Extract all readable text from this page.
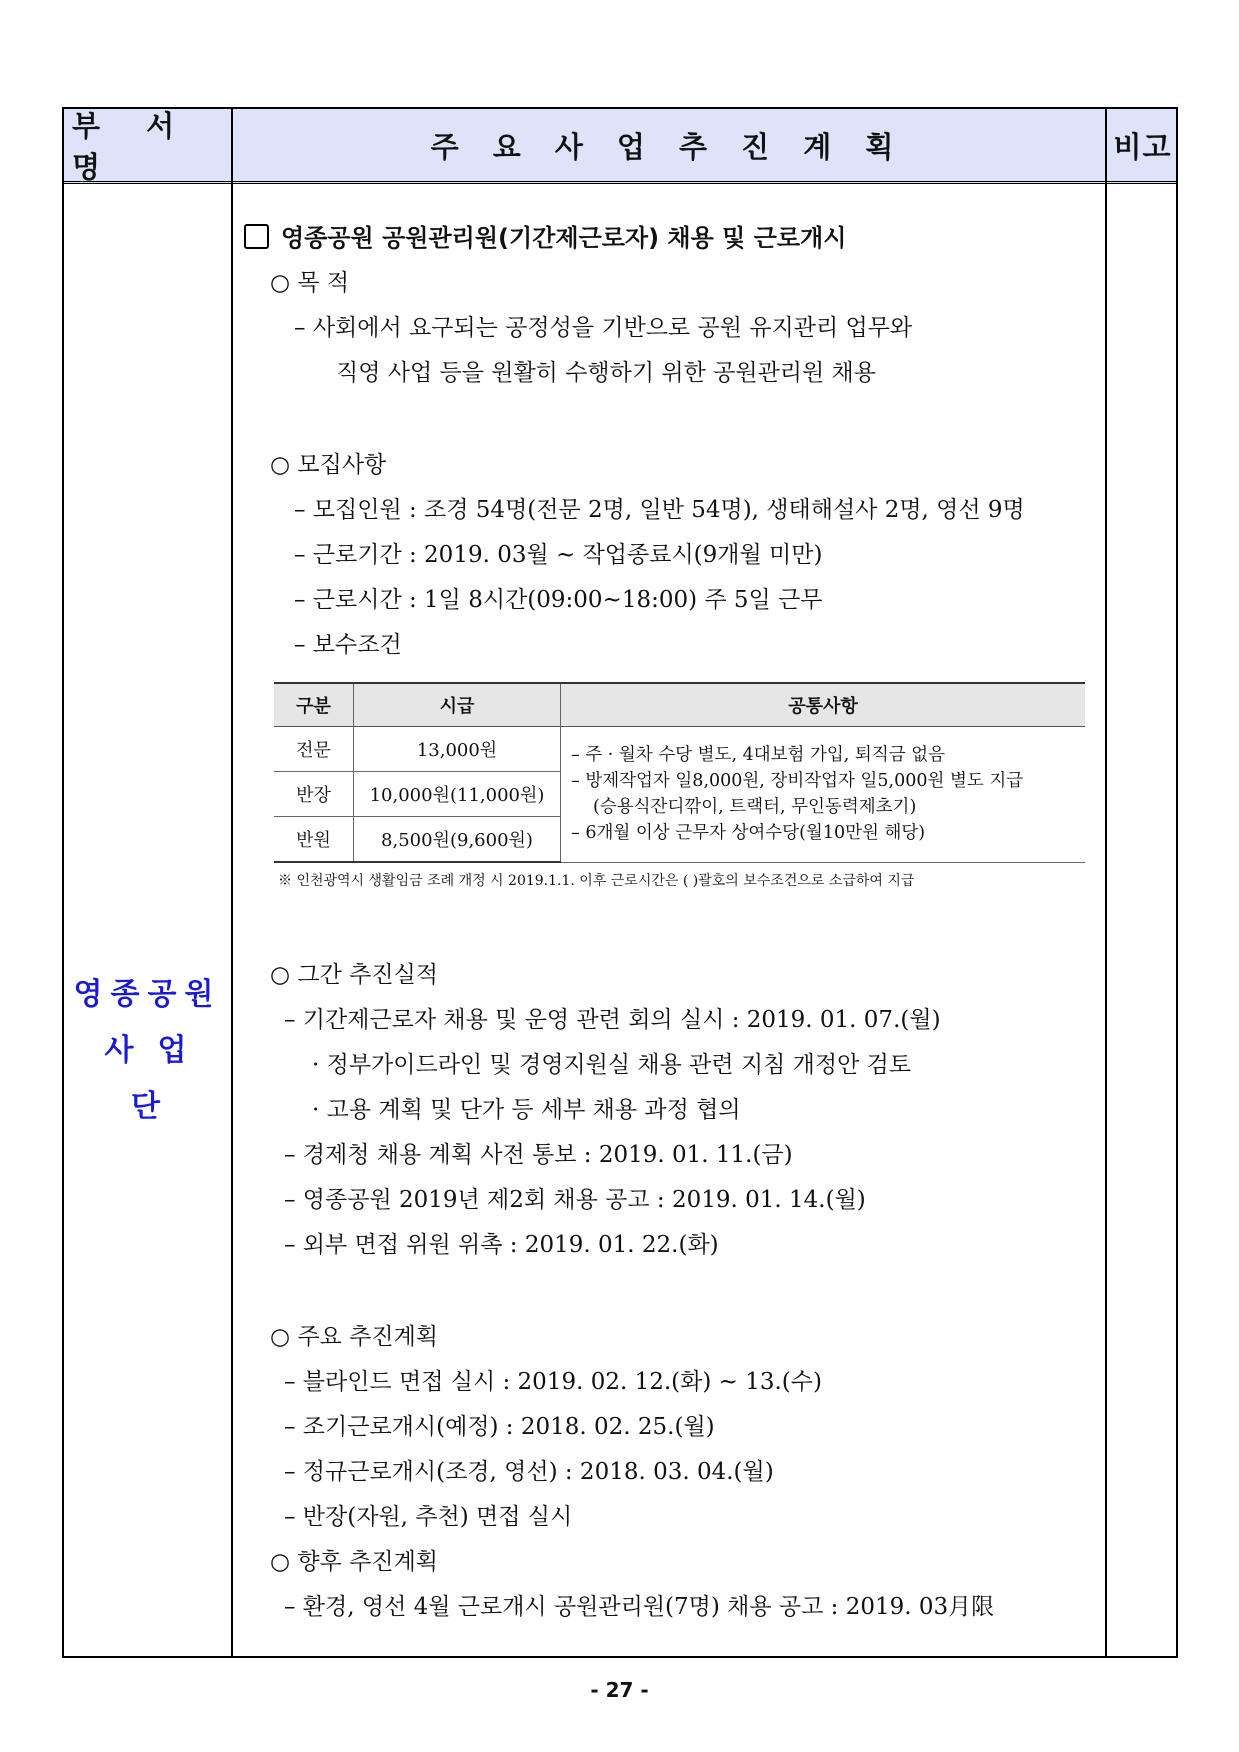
부 서 명
주 요 사 업 추 진 계 획	비고
영종공원
사업단
영종공원 공원관리원(기간제근로자) 채용 및 근로개시
○ 목 적
– 사회에서 요구되는 공정성을 기반으로 공원 유지관리 업무와
직영 사업 등을 원활히 수행하기 위한 공원관리원 채용
○ 모집사항
– 모집인원 : 조경 54명(전문 2명, 일반 54명), 생태해설사 2명, 영선 9명
– 근로기간 : 2019. 03월 ~ 작업종료시(9개월 미만)
– 근로시간 : 1일 8시간(09:00~18:00) 주 5일 근무
– 보수조건
구분	시급	공통사항
전문	13,000원	– 주 · 월차 수당 별도, 4대보험 가입, 퇴직금 없음
– 방제작업자 일8,000원, 장비작업자 일5,000원 별도 지급
(승용식잔디깎이, 트랙터, 무인동력제초기)
– 6개월 이상 근무자 상여수당(월10만원 해당)

반장	10,000원(11,000원)	
반원	8,500원(9,600원)	
※ 인천광역시 생활임금 조례 개정 시 2019.1.1. 이후 근로시간은 ( )괄호의 보수조건으로 소급하여 지급
○ 그간 추진실적
– 기간제근로자 채용 및 운영 관련 회의 실시 : 2019. 01. 07.(월)
· 정부가이드라인 및 경영지원실 채용 관련 지침 개정안 검토
· 고용 계획 및 단가 등 세부 채용 과정 협의
– 경제청 채용 계획 사전 통보 : 2019. 01. 11.(금)
– 영종공원 2019년 제2회 채용 공고 : 2019. 01. 14.(월)
– 외부 면접 위원 위촉 : 2019. 01. 22.(화)
○ 주요 추진계획
– 블라인드 면접 실시 : 2019. 02. 12.(화) ~ 13.(수)
– 조기근로개시(예정) : 2018. 02. 25.(월)
– 정규근로개시(조경, 영선) : 2018. 03. 04.(월)
– 반장(자원, 추천) 면접 실시
○ 향후 추진계획
– 환경, 영선 4월 근로개시 공원관리원(7명) 채용 공고 : 2019. 03月限
- 27 -
